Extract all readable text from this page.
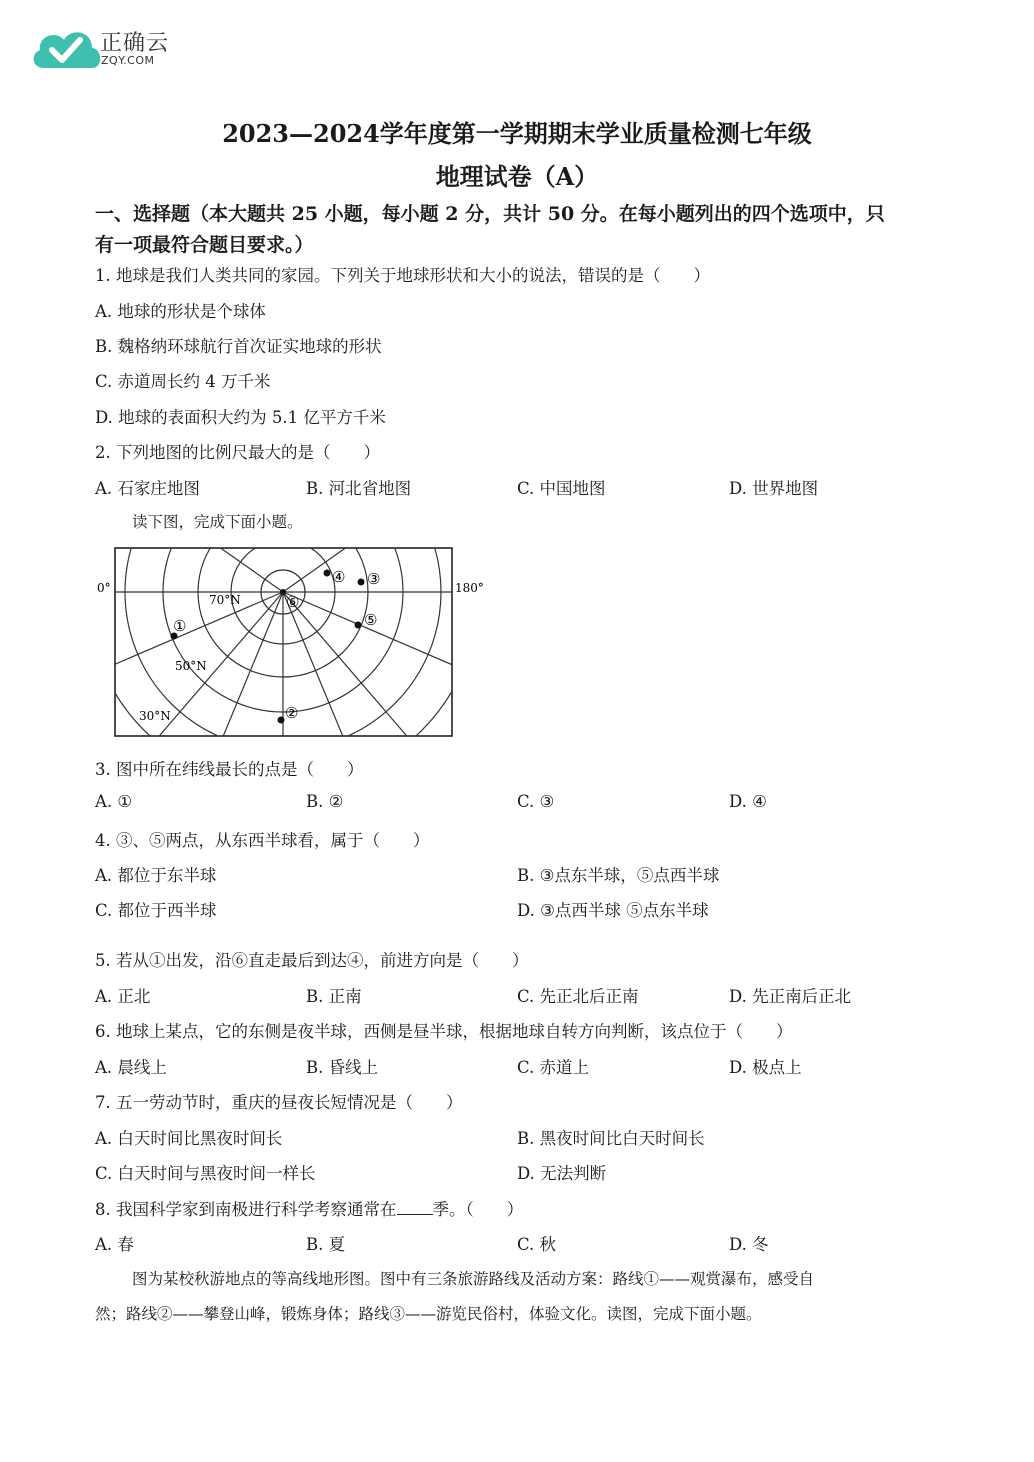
正确云
ZQY.COM
2023—2024学年度第一学期期末学业质量检测七年级
地理试卷（A）
一、选择题（本大题共 25 小题，每小题 2 分，共计 50 分。在每小题列出的四个选项中，只
有一项最符合题目要求。）
1. 地球是我们人类共同的家园。下列关于地球形状和大小的说法，错误的是（　　）
A. 地球的形状是个球体
B. 魏格纳环球航行首次证实地球的形状
C. 赤道周长约 4 万千米
D. 地球的表面积大约为 5.1 亿平方千米
2. 下列地图的比例尺最大的是（　　）
A. 石家庄地图	B. 河北省地图	C. 中国地图	D. 世界地图
读下图，完成下面小题。
0°	180°
70°N
50°N
30°N
①
②
③
④
⑤
⑥
3. 图中所在纬线最长的点是（　　）
A. ①	B. ②	C. ③	D. ④
4. ③、⑤两点，从东西半球看，属于（　　）
A. 都位于东半球	B. ③点东半球，⑤点西半球
C. 都位于西半球	D. ③点西半球 ⑤点东半球
5. 若从①出发，沿⑥直走最后到达④，前进方向是（　　）
A. 正北	B. 正南	C. 先正北后正南	D. 先正南后正北
6. 地球上某点，它的东侧是夜半球，西侧是昼半球，根据地球自转方向判断，该点位于（　　）
A. 晨线上	B. 昏线上	C. 赤道上	D. 极点上
7. 五一劳动节时，重庆的昼夜长短情况是（　　）
A. 白天时间比黑夜时间长	B. 黑夜时间比白天时间长
C. 白天时间与黑夜时间一样长	D. 无法判断
8. 我国科学家到南极进行科学考察通常在 季。（　　）
A. 春	B. 夏	C. 秋	D. 冬
图为某校秋游地点的等高线地形图。图中有三条旅游路线及活动方案：路线①——观赏瀑布，感受自
然；路线②——攀登山峰，锻炼身体；路线③——游览民俗村，体验文化。读图，完成下面小题。
